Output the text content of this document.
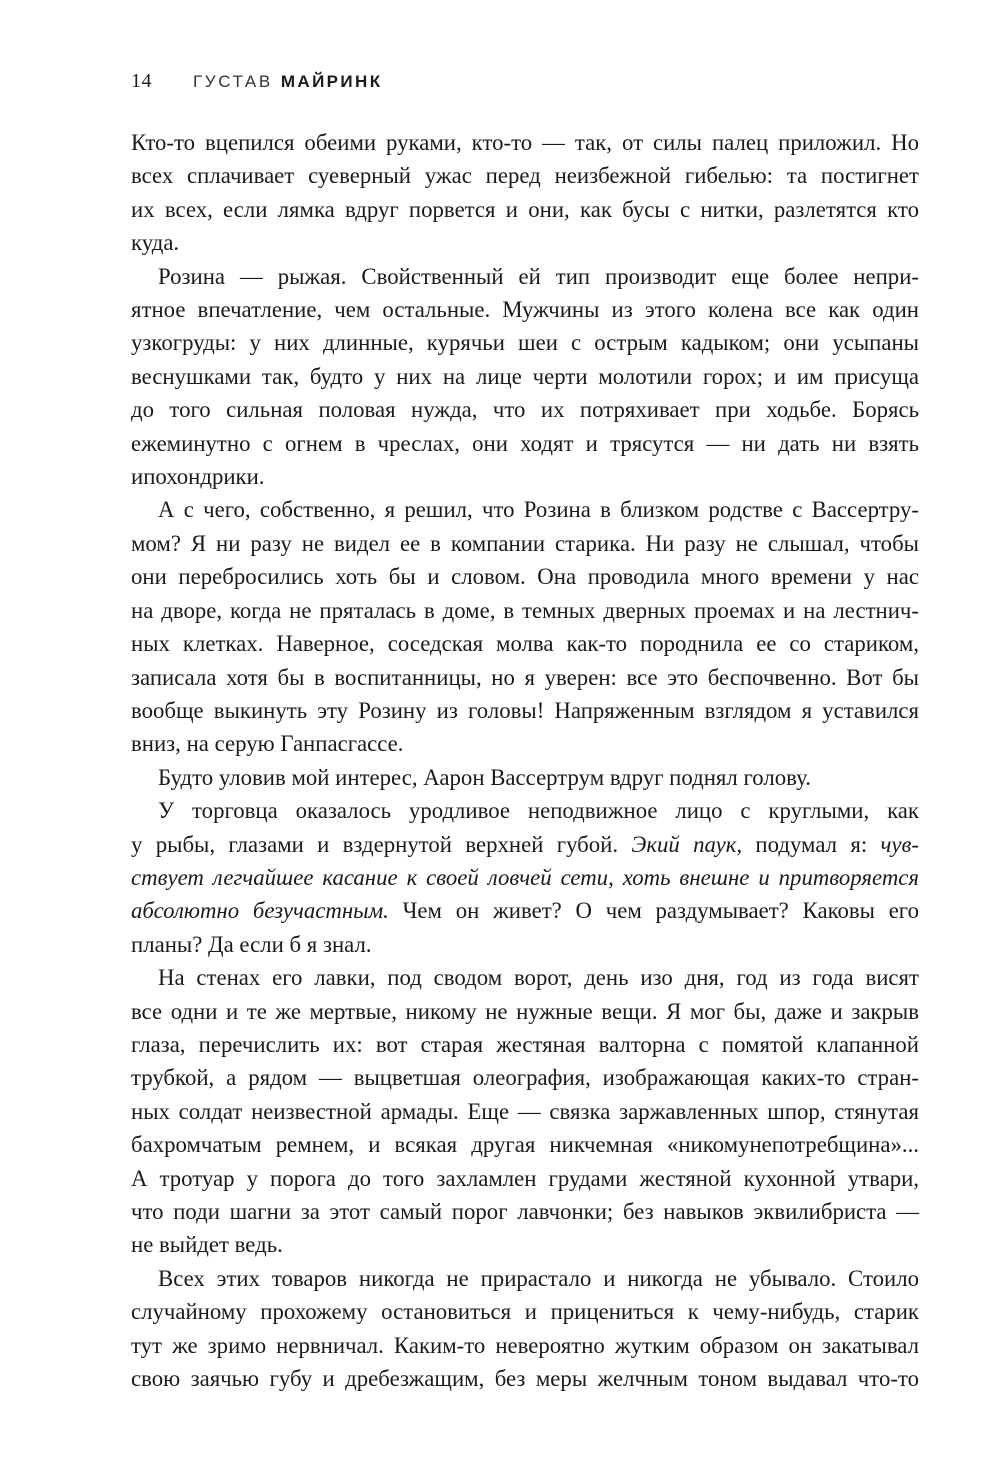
14	ГУСТАВ МАЙРИНК
Кто-то вцепился обеими руками, кто-то — так, от силы палец приложил. Но
всех сплачивает суеверный ужас перед неизбежной гибелью: та постигнет
их всех, если лямка вдруг порвется и они, как бусы с нитки, разлетятся кто
куда.
Розина — рыжая. Свойственный ей тип производит еще более непри-
ятное впечатление, чем остальные. Мужчины из этого колена все как один
узкогруды: у них длинные, курячьи шеи с острым кадыком; они усыпаны
веснушками так, будто у них на лице черти молотили горох; и им присуща
до того сильная половая нужда, что их потряхивает при ходьбе. Борясь
ежеминутно с огнем в чреслах, они ходят и трясутся — ни дать ни взять
ипохондрики.
А с чего, собственно, я решил, что Розина в близком родстве с Вассертру-
мом? Я ни разу не видел ее в компании старика. Ни разу не слышал, чтобы
они перебросились хоть бы и словом. Она проводила много времени у нас
на дворе, когда не пряталась в доме, в темных дверных проемах и на лестнич-
ных клетках. Наверное, соседская молва как-то породнила ее со стариком,
записала хотя бы в воспитанницы, но я уверен: все это беспочвенно. Вот бы
вообще выкинуть эту Розину из головы! Напряженным взглядом я уставился
вниз, на серую Ганпасгассе.
Будто уловив мой интерес, Аарон Вассертрум вдруг поднял голову.
У торговца оказалось уродливое неподвижное лицо с круглыми, как
у рыбы, глазами и вздернутой верхней губой. Экий паук, подумал я: чув-
ствует легчайшее касание к своей ловчей сети, хоть внешне и притворяется
абсолютно безучастным. Чем он живет? О чем раздумывает? Каковы его
планы? Да если б я знал.
На стенах его лавки, под сводом ворот, день изо дня, год из года висят
все одни и те же мертвые, никому не нужные вещи. Я мог бы, даже и закрыв
глаза, перечислить их: вот старая жестяная валторна с помятой клапанной
трубкой, а рядом — выцветшая олеография, изображающая каких-то стран-
ных солдат неизвестной армады. Еще — связка заржавленных шпор, стянутая
бахромчатым ремнем, и всякая другая никчемная «никомунепотребщина»...
А тротуар у порога до того захламлен грудами жестяной кухонной утвари,
что поди шагни за этот самый порог лавчонки; без навыков эквилибриста —
не выйдет ведь.
Всех этих товаров никогда не прирастало и никогда не убывало. Стоило
случайному прохожему остановиться и прицениться к чему-нибудь, старик
тут же зримо нервничал. Каким-то невероятно жутким образом он закатывал
свою заячью губу и дребезжащим, без меры желчным тоном выдавал что-то
